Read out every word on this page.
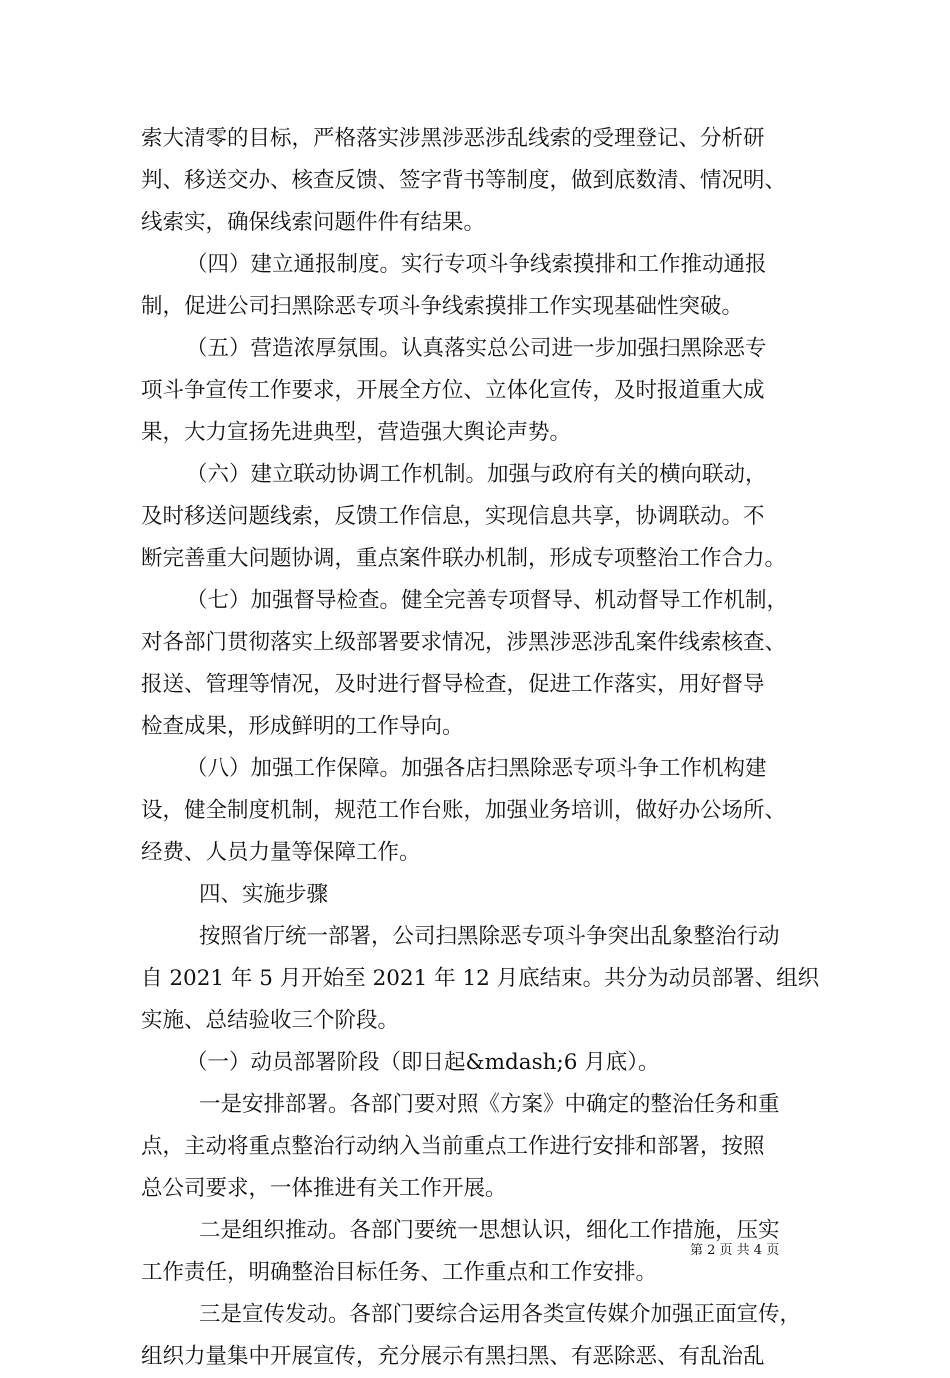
索大清零的目标，严格落实涉黑涉恶涉乱线索的受理登记、分析研
判、移送交办、核查反馈、签字背书等制度，做到底数清、情况明、
线索实，确保线索问题件件有结果。
（四）建立通报制度。实行专项斗争线索摸排和工作推动通报
制，促进公司扫黑除恶专项斗争线索摸排工作实现基础性突破。
（五）营造浓厚氛围。认真落实总公司进一步加强扫黑除恶专
项斗争宣传工作要求，开展全方位、立体化宣传，及时报道重大成
果，大力宣扬先进典型，营造强大舆论声势。
（六）建立联动协调工作机制。加强与政府有关的横向联动，
及时移送问题线索，反馈工作信息，实现信息共享，协调联动。不
断完善重大问题协调，重点案件联办机制，形成专项整治工作合力。
（七）加强督导检查。健全完善专项督导、机动督导工作机制，
对各部门贯彻落实上级部署要求情况，涉黑涉恶涉乱案件线索核查、
报送、管理等情况，及时进行督导检查，促进工作落实，用好督导
检查成果，形成鲜明的工作导向。
（八）加强工作保障。加强各店扫黑除恶专项斗争工作机构建
设，健全制度机制，规范工作台账，加强业务培训，做好办公场所、
经费、人员力量等保障工作。
四、实施步骤
按照省厅统一部署，公司扫黑除恶专项斗争突出乱象整治行动
自 2021 年 5 月开始至 2021 年 12 月底结束。共分为动员部署、组织
实施、总结验收三个阶段。
（一）动员部署阶段（即日起&mdash;6 月底）。
一是安排部署。各部门要对照《方案》中确定的整治任务和重
点，主动将重点整治行动纳入当前重点工作进行安排和部署，按照
总公司要求，一体推进有关工作开展。
二是组织推动。各部门要统一思想认识，细化工作措施，压实
工作责任，明确整治目标任务、工作重点和工作安排。
三是宣传发动。各部门要综合运用各类宣传媒介加强正面宣传，
组织力量集中开展宣传，充分展示有黑扫黑、有恶除恶、有乱治乱
第 2 页 共 4 页
